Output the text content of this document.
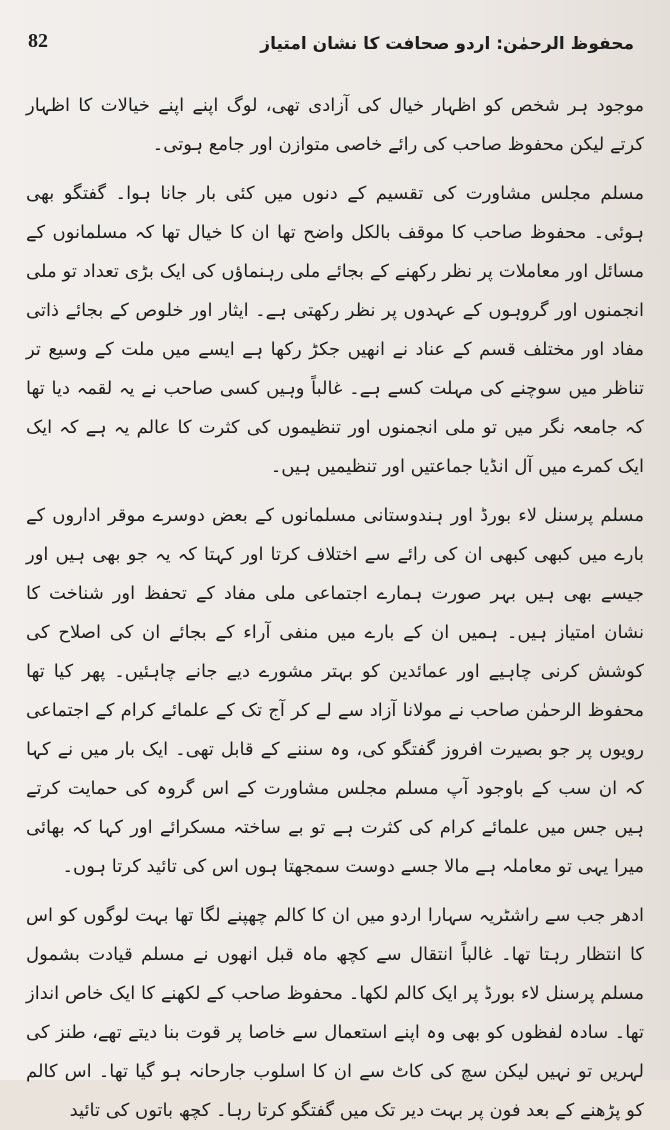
محفوظ الرحمٰن: اردو صحافت کا نشان امتیاز
82

موجود ہر شخص کو اظہار خیال کی آزادی تھی، لوگ اپنے اپنے خیالات کا اظہار کرتے لیکن محفوظ صاحب کی رائے خاصی متوازن اور جامع ہوتی۔

مسلم مجلس مشاورت کی تقسیم کے دنوں میں کئی بار جانا ہوا۔ گفتگو بھی ہوئی۔ محفوظ صاحب کا موقف بالکل واضح تھا ان کا خیال تھا کہ مسلمانوں کے مسائل اور معاملات پر نظر رکھنے کے بجائے ملی رہنماؤں کی ایک بڑی تعداد تو ملی انجمنوں اور گروہوں کے عہدوں پر نظر رکھتی ہے۔ ایثار اور خلوص کے بجائے ذاتی مفاد اور مختلف قسم کے عناد نے انھیں جکڑ رکھا ہے ایسے میں ملت کے وسیع تر تناظر میں سوچنے کی مہلت کسے ہے۔ غالباً وہیں کسی صاحب نے یہ لقمہ دیا تھا کہ جامعہ نگر میں تو ملی انجمنوں اور تنظیموں کی کثرت کا عالم یہ ہے کہ ایک ایک کمرے میں آل انڈیا جماعتیں اور تنظیمیں ہیں۔

مسلم پرسنل لاء بورڈ اور ہندوستانی مسلمانوں کے بعض دوسرے موقر اداروں کے بارے میں کبھی کبھی ان کی رائے سے اختلاف کرتا اور کہتا کہ یہ جو بھی ہیں اور جیسے بھی ہیں بہر صورت ہمارے اجتماعی ملی مفاد کے تحفظ اور شناخت کا نشان امتیاز ہیں۔ ہمیں ان کے بارے میں منفی آراء کے بجائے ان کی اصلاح کی کوشش کرنی چاہیے اور عمائدین کو بہتر مشورے دیے جانے چاہئیں۔ پھر کیا تھا محفوظ الرحمٰن صاحب نے مولانا آزاد سے لے کر آج تک کے علمائے کرام کے اجتماعی رویوں پر جو بصیرت افروز گفتگو کی، وہ سننے کے قابل تھی۔ ایک بار میں نے کہا کہ ان سب کے باوجود آپ مسلم مجلس مشاورت کے اس گروہ کی حمایت کرتے ہیں جس میں علمائے کرام کی کثرت ہے تو بے ساختہ مسکرائے اور کہا کہ بھائی میرا یہی تو معاملہ ہے مالا جسے دوست سمجھتا ہوں اس کی تائید کرتا ہوں۔

ادھر جب سے راشٹریہ سہارا اردو میں ان کا کالم چھپنے لگا تھا بہت لوگوں کو اس کا انتظار رہتا تھا۔ غالباً انتقال سے کچھ ماہ قبل انھوں نے مسلم قیادت بشمول مسلم پرسنل لاء بورڈ پر ایک کالم لکھا۔ محفوظ صاحب کے لکھنے کا ایک خاص انداز تھا۔ سادہ لفظوں کو بھی وہ اپنے استعمال سے خاصا پر قوت بنا دیتے تھے، طنز کی لہریں تو نہیں لیکن سچ کی کاٹ سے ان کا اسلوب جارحانہ ہو گیا تھا۔ اس کالم کو پڑھنے کے بعد فون پر بہت دیر تک میں گفتگو کرتا رہا۔ کچھ باتوں کی تائید
